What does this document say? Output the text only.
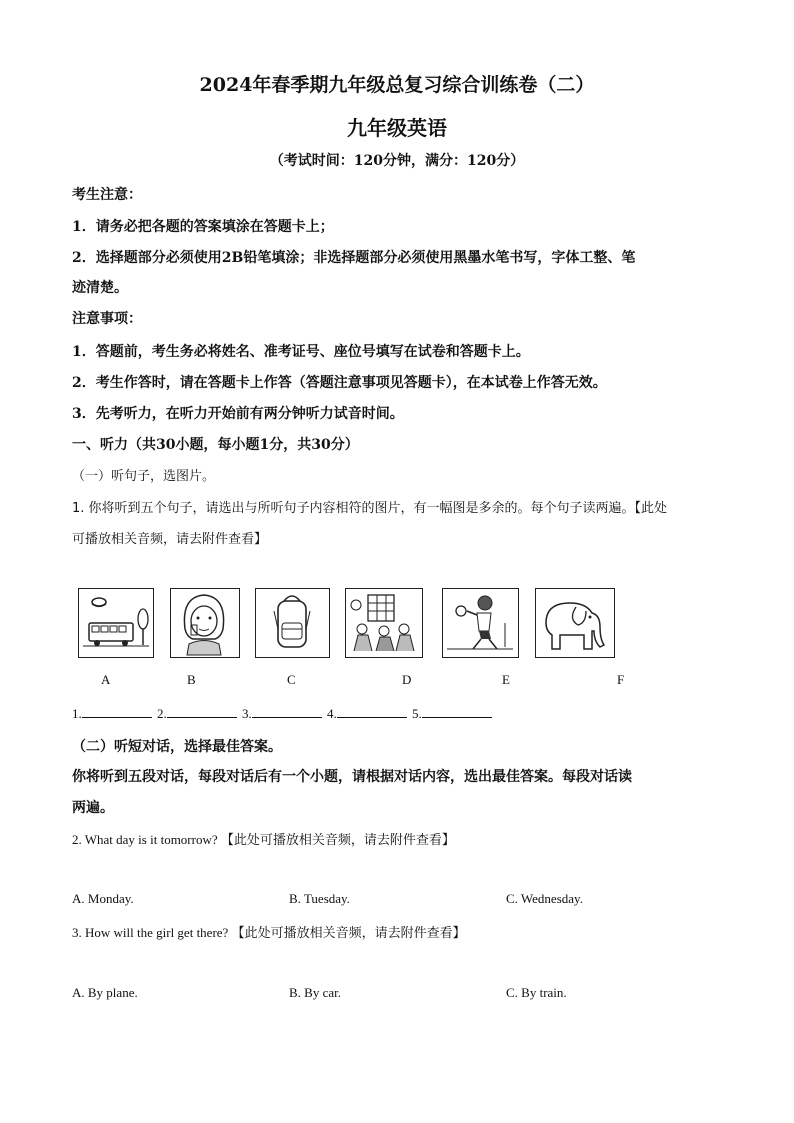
2024年春季期九年级总复习综合训练卷（二）
九年级英语
（考试时间：120分钟，满分：120分）
考生注意：
1．请务必把各题的答案填涂在答题卡上；
2．选择题部分必须使用2B铅笔填涂；非选择题部分必须使用黑墨水笔书写，字体工整、笔
迹清楚。
注意事项：
1．答题前，考生务必将姓名、准考证号、座位号填写在试卷和答题卡上。
2．考生作答时，请在答题卡上作答（答题注意事项见答题卡），在本试卷上作答无效。
3．先考听力，在听力开始前有两分钟听力试音时间。
一、听力（共30小题，每小题1分，共30分）
（一）听句子，选图片。
1. 你将听到五个句子，请选出与所听句子内容相符的图片，有一幅图是多余的。每个句子读两遍。【此处
可播放相关音频，请去附件查看】
A	B	C	D	E	F
1.	2.	3.	4.	5.
（二）听短对话，选择最佳答案。
你将听到五段对话，每段对话后有一个小题，请根据对话内容，选出最佳答案。每段对话读
两遍。
2. What day is it tomorrow? 【此处可播放相关音频，请去附件查看】
A. Monday.	B. Tuesday.	C. Wednesday.
3. How will the girl get there? 【此处可播放相关音频，请去附件查看】
A. By plane.	B. By car.	C. By train.
